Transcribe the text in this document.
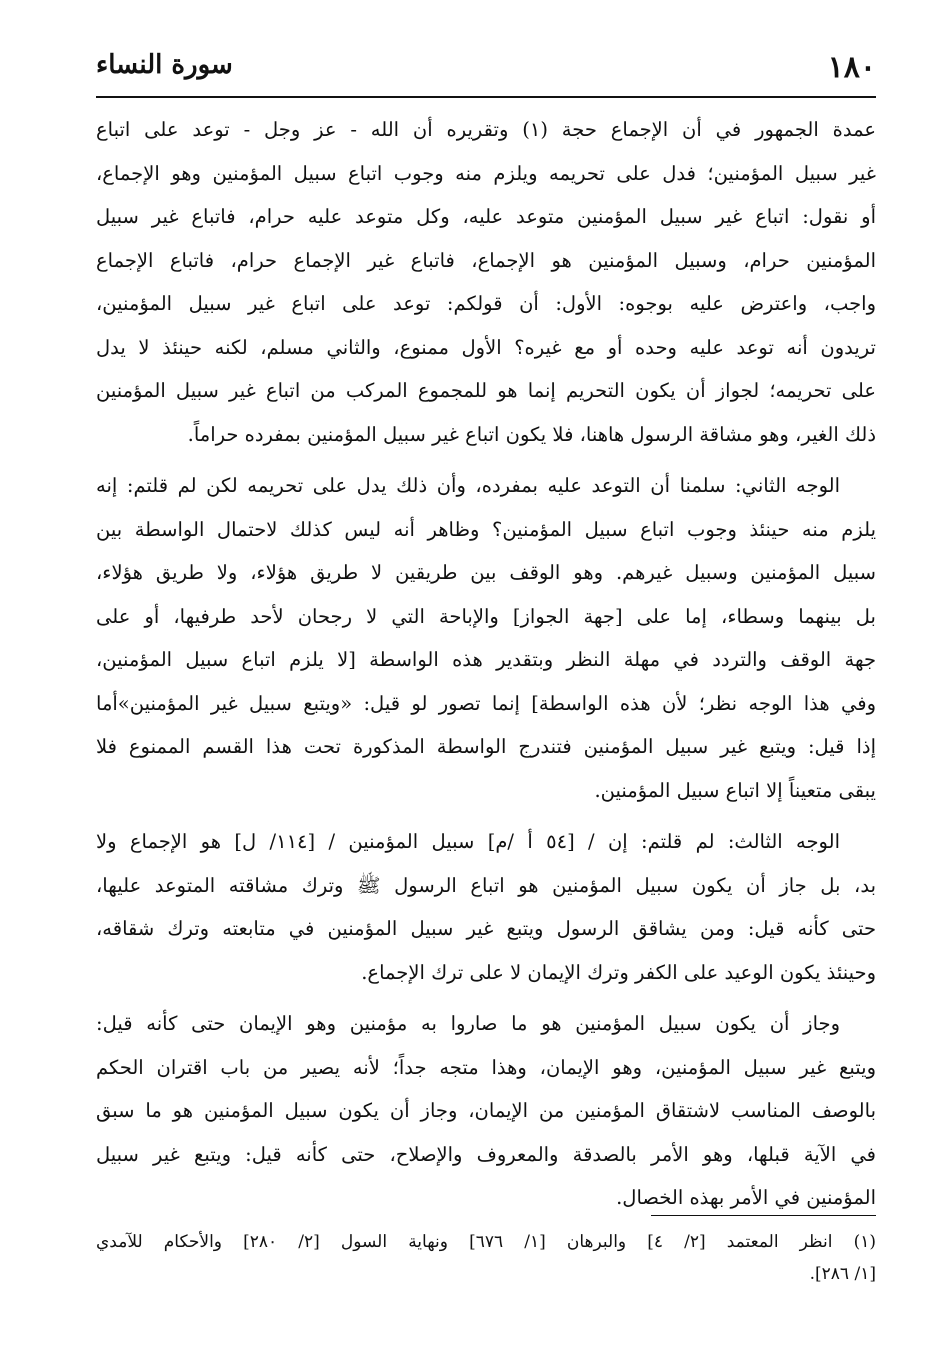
١٨٠
سورة النساء
عمدة الجمهور في أن الإجماع حجة (١) وتقريره أن الله - عز وجل - توعد على اتباع
غير سبيل المؤمنين؛ فدل على تحريمه ويلزم منه وجوب اتباع سبيل المؤمنين وهو الإجماع،
أو نقول: اتباع غير سبيل المؤمنين متوعد عليه، وكل متوعد عليه حرام، فاتباع غير سبيل
المؤمنين حرام، وسبيل المؤمنين هو الإجماع، فاتباع غير الإجماع حرام، فاتباع الإجماع
واجب، واعترض عليه بوجوه: الأول: أن قولكم: توعد على اتباع غير سبيل المؤمنين،
تريدون أنه توعد عليه وحده أو مع غيره؟ الأول ممنوع، والثاني مسلم، لكنه حينئذ لا يدل
على تحريمه؛ لجواز أن يكون التحريم إنما هو للمجموع المركب من اتباع غير سبيل المؤمنين
ذلك الغير، وهو مشاقة الرسول هاهنا، فلا يكون اتباع غير سبيل المؤمنين بمفرده حراماً.
الوجه الثاني: سلمنا أن التوعد عليه بمفرده، وأن ذلك يدل على تحريمه لكن لم قلتم: إنه
يلزم منه حينئذ وجوب اتباع سبيل المؤمنين؟ وظاهر أنه ليس كذلك لاحتمال الواسطة بين
سبيل المؤمنين وسبيل غيرهم. وهو الوقف بين طريقين لا طريق هؤلاء، ولا طريق هؤلاء،
بل بينهما وسطاء، إما على [جهة الجواز] والإباحة التي لا رجحان لأحد طرفيها، أو على
جهة الوقف والتردد في مهلة النظر وبتقدير هذه الواسطة [لا يلزم اتباع سبيل المؤمنين،
وفي هذا الوجه نظر؛ لأن هذه الواسطة] إنما تصور لو قيل: «ويتبع سبيل غير المؤمنين»أما
إذا قيل: ويتبع غير سبيل المؤمنين فتندرج الواسطة المذكورة تحت هذا القسم الممنوع فلا
يبقى متعيناً إلا اتباع سبيل المؤمنين.
الوجه الثالث: لم قلتم: إن / [٥٤ أ /م] سبيل المؤمنين / [١١٤/ ل] هو الإجماع ولا
بد، بل جاز أن يكون سبيل المؤمنين هو اتباع الرسول ﷺ وترك مشاقته المتوعد عليها،
حتى كأنه قيل: ومن يشاقق الرسول ويتبع غير سبيل المؤمنين في متابعته وترك شقاقه،
وحينئذ يكون الوعيد على الكفر وترك الإيمان لا على ترك الإجماع.
وجاز أن يكون سبيل المؤمنين هو ما صاروا به مؤمنين وهو الإيمان حتى كأنه قيل:
ويتبع غير سبيل المؤمنين، وهو الإيمان، وهذا متجه جداً؛ لأنه يصير من باب اقتران الحكم
بالوصف المناسب لاشتقاق المؤمنين من الإيمان، وجاز أن يكون سبيل المؤمنين هو ما سبق
في الآية قبلها، وهو الأمر بالصدقة والمعروف والإصلاح، حتى كأنه قيل: ويتبع غير سبيل
المؤمنين في الأمر بهذه الخصال.
(١) انظر المعتمد [٢/ ٤] والبرهان [١/ ٦٧٦] ونهاية السول [٢/ ٢٨٠] والأحكام للآمدي
[١/ ٢٨٦].
